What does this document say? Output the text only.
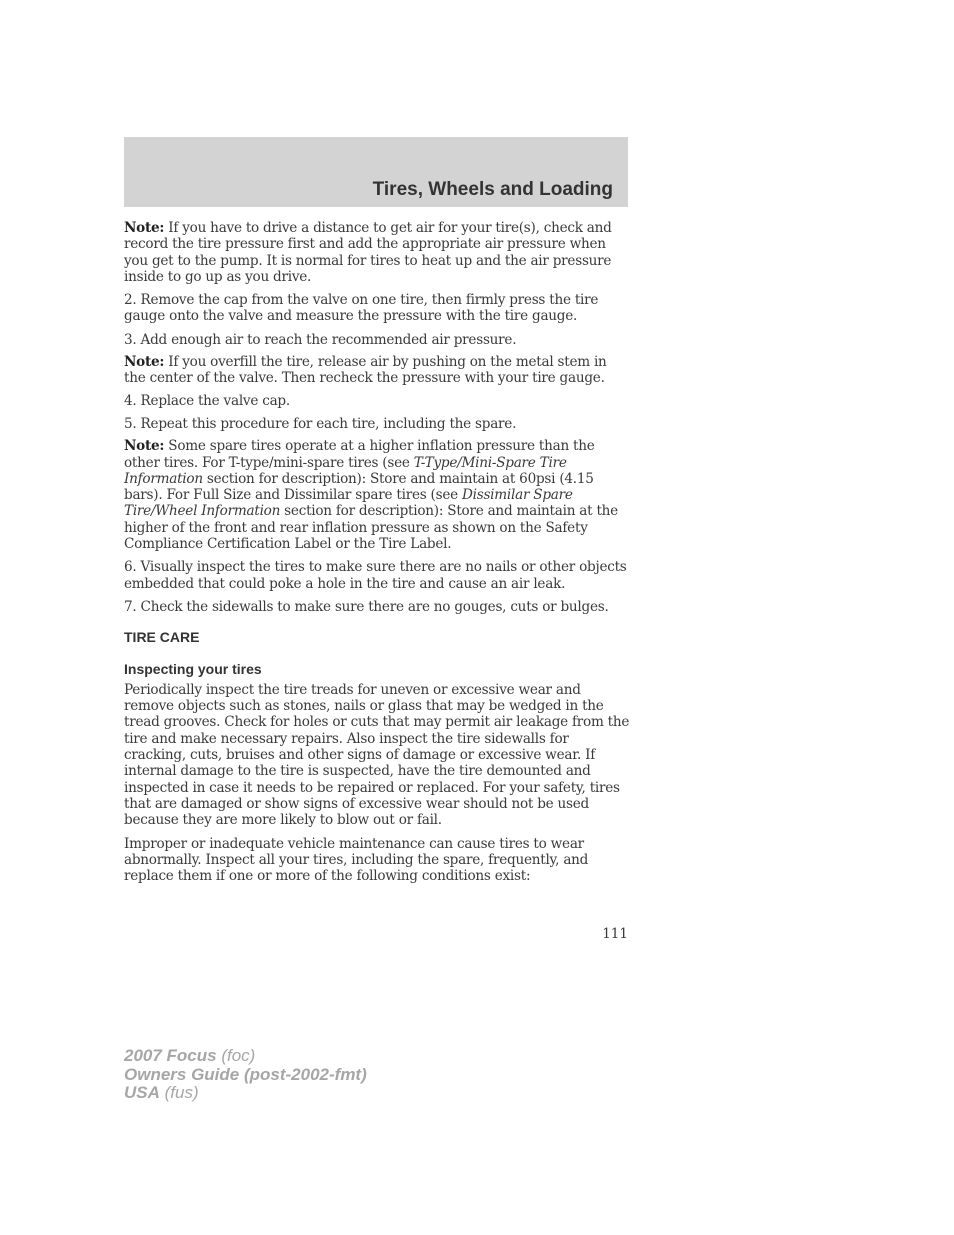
Tires, Wheels and Loading

Note: If you have to drive a distance to get air for your tire(s), check and record the tire pressure first and add the appropriate air pressure when you get to the pump. It is normal for tires to heat up and the air pressure inside to go up as you drive.

2. Remove the cap from the valve on one tire, then firmly press the tire gauge onto the valve and measure the pressure with the tire gauge.

3. Add enough air to reach the recommended air pressure.

Note: If you overfill the tire, release air by pushing on the metal stem in the center of the valve. Then recheck the pressure with your tire gauge.

4. Replace the valve cap.

5. Repeat this procedure for each tire, including the spare.

Note: Some spare tires operate at a higher inflation pressure than the other tires. For T-type/mini-spare tires (see T-Type/Mini-Spare Tire Information section for description): Store and maintain at 60psi (4.15 bars). For Full Size and Dissimilar spare tires (see Dissimilar Spare Tire/Wheel Information section for description): Store and maintain at the higher of the front and rear inflation pressure as shown on the Safety Compliance Certification Label or the Tire Label.

6. Visually inspect the tires to make sure there are no nails or other objects embedded that could poke a hole in the tire and cause an air leak.

7. Check the sidewalls to make sure there are no gouges, cuts or bulges.

TIRE CARE
Inspecting your tires

Periodically inspect the tire treads for uneven or excessive wear and remove objects such as stones, nails or glass that may be wedged in the tread grooves. Check for holes or cuts that may permit air leakage from the tire and make necessary repairs. Also inspect the tire sidewalls for cracking, cuts, bruises and other signs of damage or excessive wear. If internal damage to the tire is suspected, have the tire demounted and inspected in case it needs to be repaired or replaced. For your safety, tires that are damaged or show signs of excessive wear should not be used because they are more likely to blow out or fail.

Improper or inadequate vehicle maintenance can cause tires to wear abnormally. Inspect all your tires, including the spare, frequently, and replace them if one or more of the following conditions exist:

111
2007 Focus (foc)
Owners Guide (post-2002-fmt)
USA (fus)
